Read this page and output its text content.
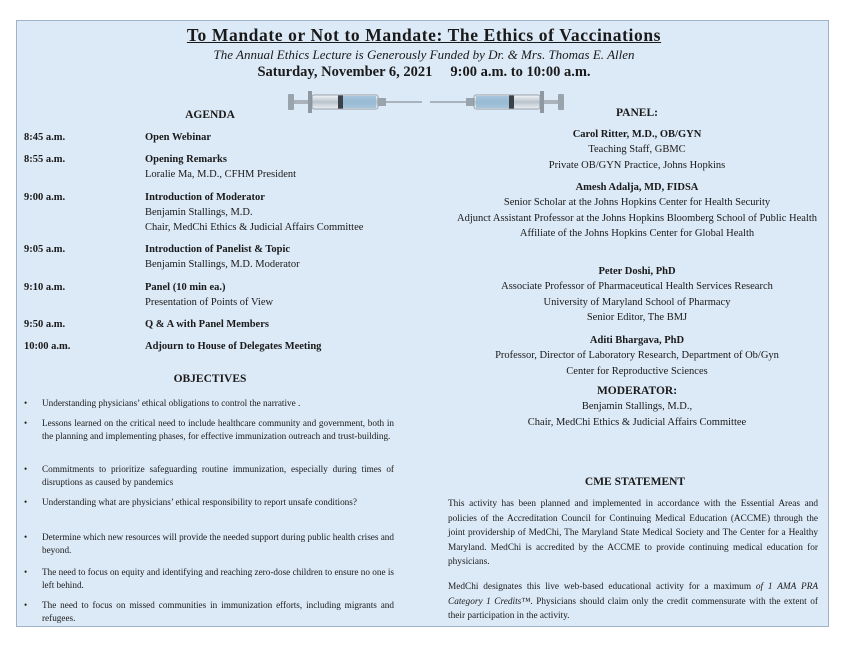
To Mandate or Not to Mandate: The Ethics of Vaccinations
The Annual Ethics Lecture is Generously Funded by Dr. & Mrs. Thomas E. Allen
Saturday, November 6, 2021 9:00 a.m. to 10:00 a.m.
AGENDA
8:45 a.m.	Open Webinar
8:55 a.m.	Opening Remarks
Loralie Ma, M.D., CFHM President
9:00 a.m.	Introduction of Moderator
Benjamin Stallings, M.D.
Chair, MedChi Ethics & Judicial Affairs Committee
9:05 a.m.	Introduction of Panelist & Topic
Benjamin Stallings, M.D. Moderator
9:10 a.m.	Panel (10 min ea.)
Presentation of Points of View
9:50 a.m.	Q & A with Panel Members
10:00 a.m.	Adjourn to House of Delegates Meeting
OBJECTIVES
• Understanding physicians’ ethical obligations to control the narrative .
• Lessons learned on the critical need to include healthcare community and government, both in the planning and implementing phases, for effective immunization outreach and trust-building.
• Commitments to prioritize safeguarding routine immunization, especially during times of disruptions as caused by pandemics
• Understanding what are physicians’ ethical responsibility to report unsafe conditions?
• Determine which new resources will provide the needed support during public health crises and beyond.
• The need to focus on equity and identifying and reaching zero-dose children to ensure no one is left behind.
• The need to focus on missed communities in immunization efforts, including migrants and refugees.
PANEL:
Carol Ritter, M.D., OB/GYN
Teaching Staff, GBMC
Private OB/GYN Practice, Johns Hopkins
Amesh Adalja, MD, FIDSA
Senior Scholar at the Johns Hopkins Center for Health Security
Adjunct Assistant Professor at the Johns Hopkins Bloomberg School of Public Health
Affiliate of the Johns Hopkins Center for Global Health
Peter Doshi, PhD
Associate Professor of Pharmaceutical Health Services Research
University of Maryland School of Pharmacy
Senior Editor, The BMJ
Aditi Bhargava, PhD
Professor, Director of Laboratory Research, Department of Ob/Gyn
Center for Reproductive Sciences
MODERATOR:
Benjamin Stallings, M.D.,
Chair, MedChi Ethics & Judicial Affairs Committee
CME STATEMENT
This activity has been planned and implemented in accordance with the Essential Areas and policies of the Accreditation Council for Continuing Medical Education (ACCME) through the joint providership of MedChi, The Maryland State Medical Society and The Center for a Healthy Maryland. MedChi is accredited by the ACCME to provide continuing medical education for physicians.
MedChi designates this live web-based educational activity for a maximum of 1 AMA PRA Category 1 Credits™. Physicians should claim only the credit commensurate with the extent of their participation in the activity.
